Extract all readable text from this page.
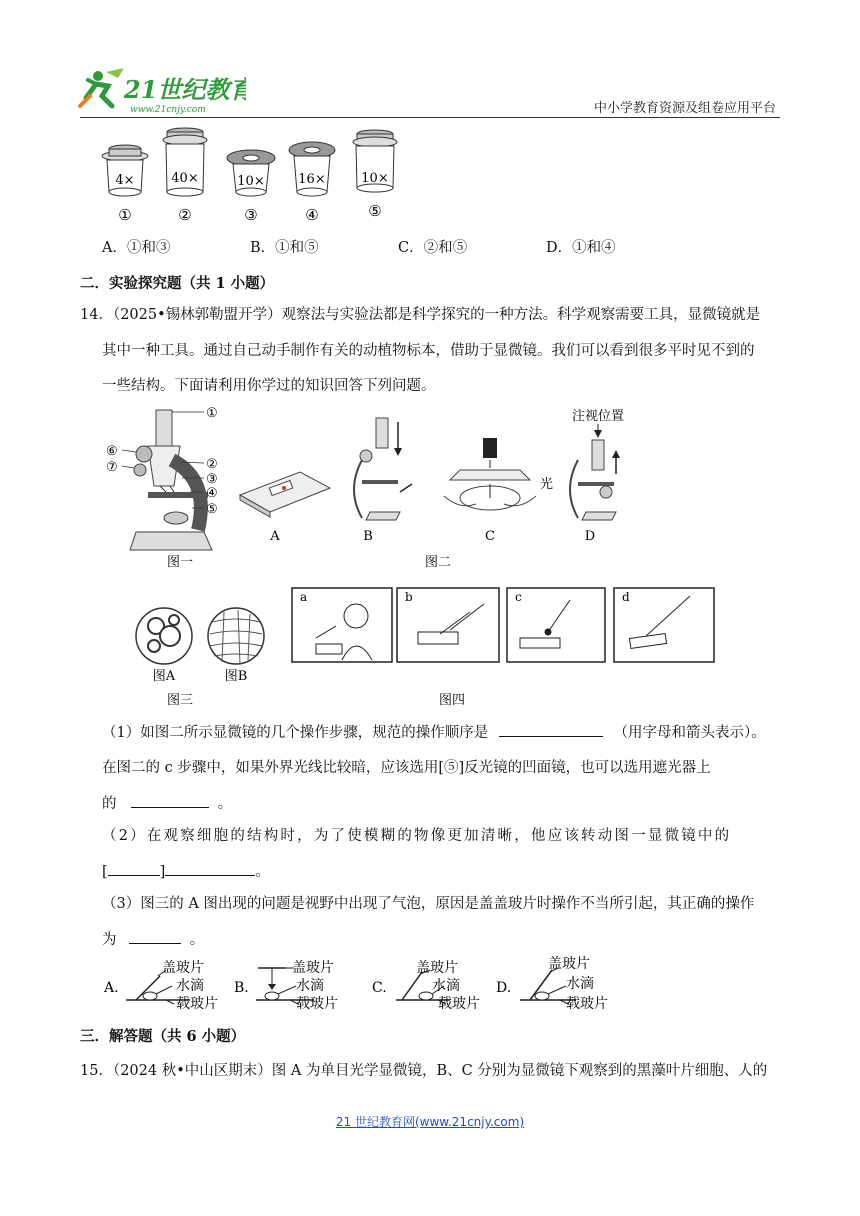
21世纪教育
www.21cnjy.com	中小学教育资源及组卷应用平台
4×
①
40×
②
10×
③
16×
④
10×
⑤
A．①和③	B．①和⑤	C．②和⑤	D．①和④
二．实验探究题（共 1 小题）
14．（2025•锡林郭勒盟开学）观察法与实验法都是科学探究的一种方法。科学观察需要工具，显微镜就是
其中一种工具。通过自己动手制作有关的动植物标本，借助于显微镜。我们可以看到很多平时见不到的
一些结构。下面请利用你学过的知识回答下列问题。
①
②
③
④
⑤
⑥
⑦
图一
A	B
光
C
注视位置
D
图二
图A	图B
图三
a	b	c	d
图四
（1）如图二所示显微镜的几个操作步骤，规范的操作顺序是	（用字母和箭头表示）。
在图二的 c 步骤中，如果外界光线比较暗，应该选用[⑤]反光镜的凹面镜，也可以选用遮光器上
的	。
（2）在观察细胞的结构时，为了使模糊的物像更加清晰，他应该转动图一显微镜中的
[	]	。
（3）图三的 A 图出现的问题是视野中出现了气泡，原因是盖盖玻片时操作不当所引起，其正确的操作
为	。
A.
盖玻片
水滴
载玻片
B.
盖玻片
水滴
载玻片
C.
盖玻片
水滴
载玻片
D.
盖玻片
水滴
载玻片
三．解答题（共 6 小题）
15．（2024 秋•中山区期末）图 A 为单目光学显微镜，B、C 分别为显微镜下观察到的黑藻叶片细胞、人的
21 世纪教育网(www.21cnjy.com)
